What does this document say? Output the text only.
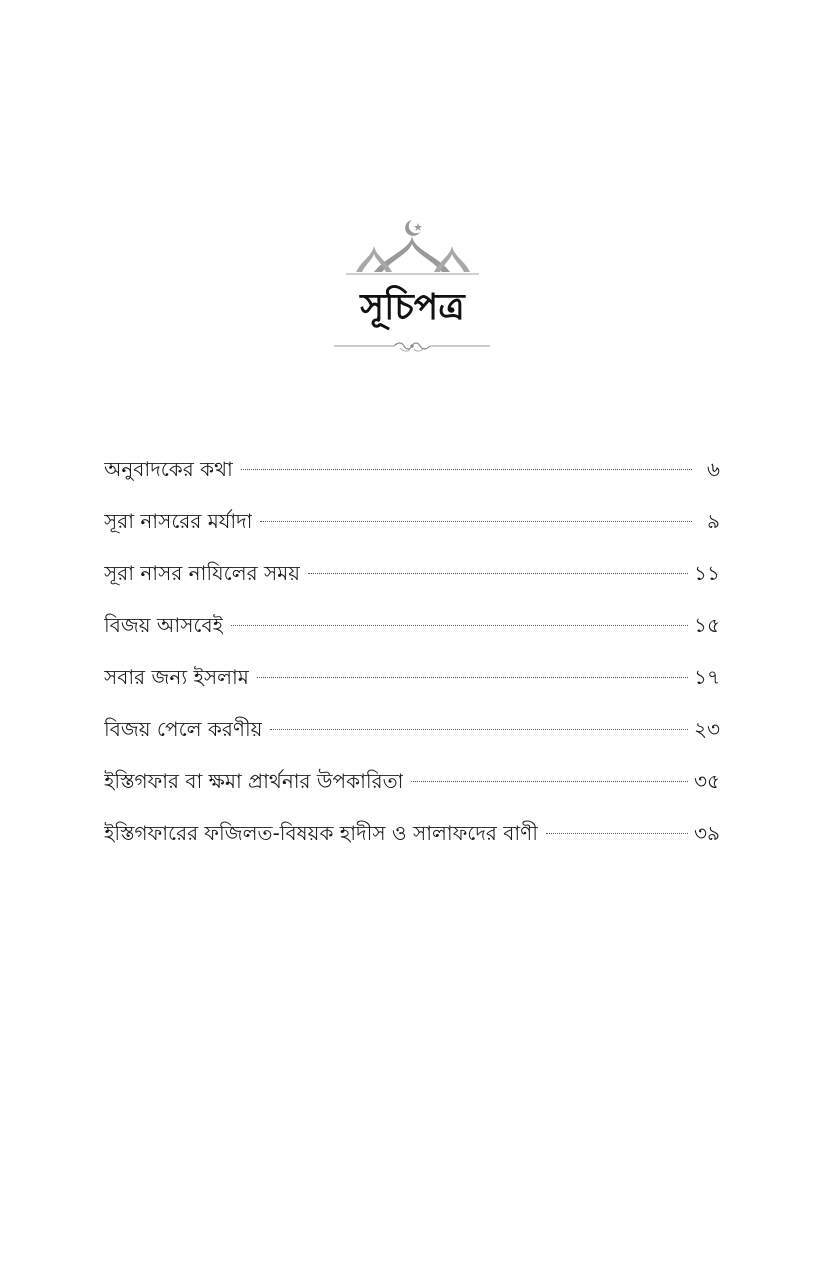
সূচিপত্র
অনুবাদকের কথা	৬
সূরা নাসরের মর্যাদা	৯
সূরা নাসর নাযিলের সময়	১১
বিজয় আসবেই	১৫
সবার জন্য ইসলাম	১৭
বিজয় পেলে করণীয়	২৩
ইস্তিগফার বা ক্ষমা প্রার্থনার উপকারিতা	৩৫
ইস্তিগফারের ফজিলত-বিষয়ক হাদীস ও সালাফদের বাণী	৩৯
